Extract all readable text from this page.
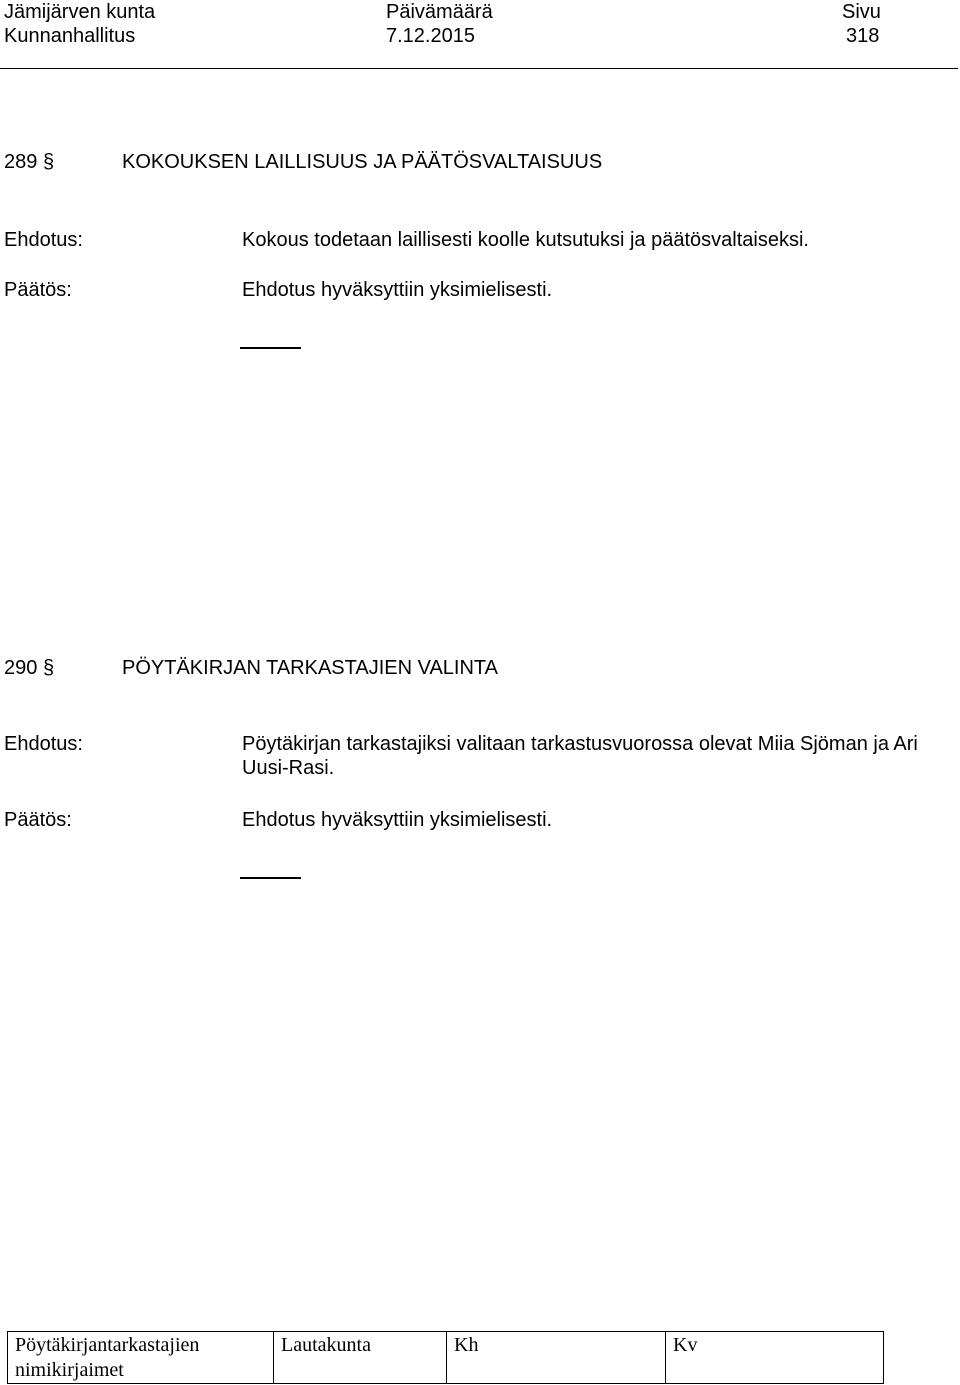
Jämijärven kunta
Kunnanhallitus
Päivämäärä
7.12.2015
Sivu
318
289 §	KOKOUKSEN LAILLISUUS JA PÄÄTÖSVALTAISUUS
Ehdotus:	Kokous todetaan laillisesti koolle kutsutuksi ja päätösvaltaiseksi.
Päätös:	Ehdotus hyväksyttiin yksimielisesti.
290 §	PÖYTÄKIRJAN TARKASTAJIEN VALINTA
Ehdotus:	Pöytäkirjan tarkastajiksi valitaan tarkastusvuorossa olevat Miia Sjöman ja Ari Uusi-Rasi.
Päätös:	Ehdotus hyväksyttiin yksimielisesti.
Pöytäkirjantarkastajien nimikirjaimet	Lautakunta	Kh	Kv
